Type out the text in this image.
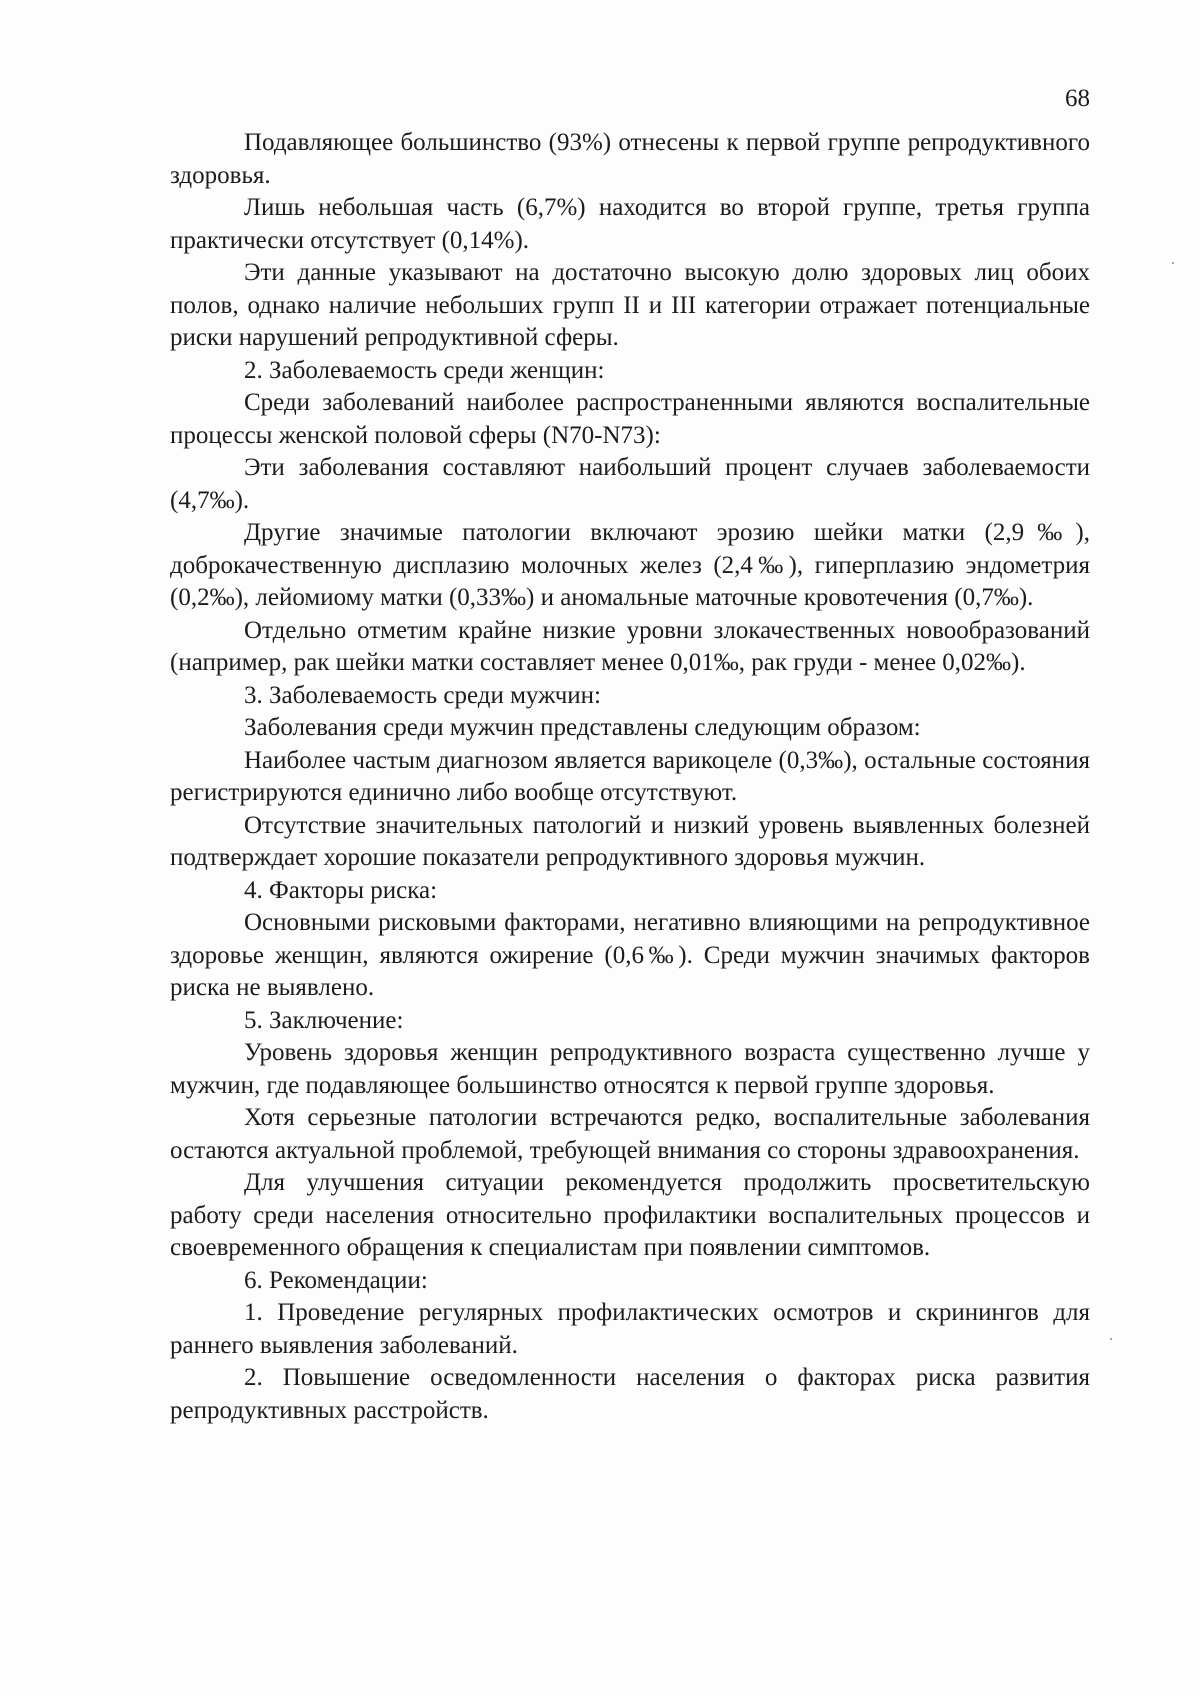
68

Подавляющее большинство (93%) отнесены к первой группе репродуктивного здоровья.

Лишь небольшая часть (6,7%) находится во второй группе, третья группа практически отсутствует (0,14%).

Эти данные указывают на достаточно высокую долю здоровых лиц обоих полов, однако наличие небольших групп II и III категории отражает потенциальные риски нарушений репродуктивной сферы.

2. Заболеваемость среди женщин:

Среди заболеваний наиболее распространенными являются воспалительные процессы женской половой сферы (N70-N73):

Эти заболевания составляют наибольший процент случаев заболеваемости (4,7‰).

Другие значимые патологии включают эрозию шейки матки (2,9‰), доброкачественную дисплазию молочных желез (2,4‰), гиперплазию эндометрия (0,2‰), лейомиому матки (0,33‰) и аномальные маточные кровотечения (0,7‰).

Отдельно отметим крайне низкие уровни злокачественных новообразований (например, рак шейки матки составляет менее 0,01‰, рак груди - менее 0,02‰).

3. Заболеваемость среди мужчин:

Заболевания среди мужчин представлены следующим образом:

Наиболее частым диагнозом является варикоцеле (0,3‰), остальные состояния регистрируются единично либо вообще отсутствуют.

Отсутствие значительных патологий и низкий уровень выявленных болезней подтверждает хорошие показатели репродуктивного здоровья мужчин.

4. Факторы риска:

Основными рисковыми факторами, негативно влияющими на репродуктивное здоровье женщин, являются ожирение (0,6‰). Среди мужчин значимых факторов риска не выявлено.

5. Заключение:

Уровень здоровья женщин репродуктивного возраста существенно лучше у мужчин, где подавляющее большинство относятся к первой группе здоровья.

Хотя серьезные патологии встречаются редко, воспалительные заболевания остаются актуальной проблемой, требующей внимания со стороны здравоохранения.

Для улучшения ситуации рекомендуется продолжить просветительскую работу среди населения относительно профилактики воспалительных процессов и своевременного обращения к специалистам при появлении симптомов.

6. Рекомендации:

1. Проведение регулярных профилактических осмотров и скринингов для раннего выявления заболеваний.

2. Повышение осведомленности населения о факторах риска развития репродуктивных расстройств.
